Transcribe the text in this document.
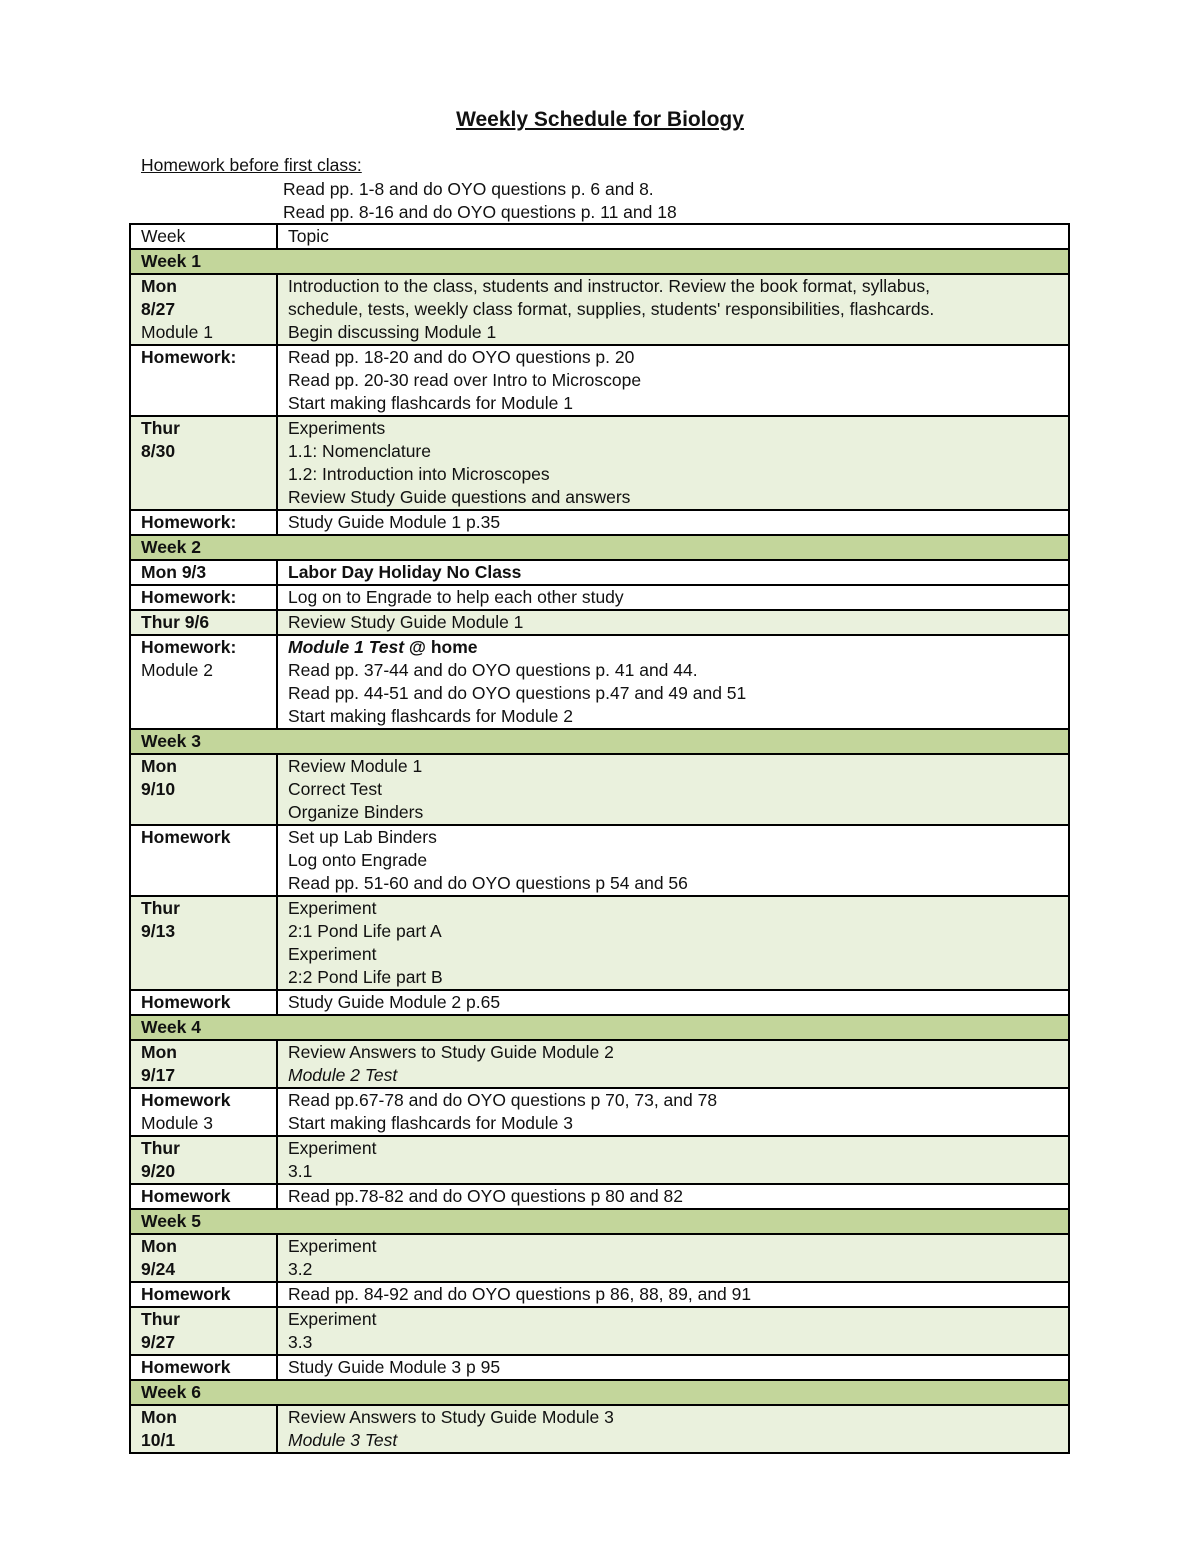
Weekly Schedule for Biology
Homework before first class:
Read pp. 1-8 and do OYO questions p. 6 and 8.
Read pp. 8-16 and do OYO questions p. 11 and 18
Week	Topic
Week 1	

Mon
8/27
Module 1	Introduction to the class, students and instructor. Review the book format, syllabus,
schedule, tests, weekly class format, supplies, students' responsibilities, flashcards.
Begin discussing Module 1

Homework:	Read pp. 18-20 and do OYO questions p. 20
Read pp. 20-30 read over Intro to Microscope
Start making flashcards for Module 1

Thur
8/30	Experiments
1.1: Nomenclature
1.2: Introduction into Microscopes
Review Study Guide questions and answers

Homework:	Study Guide Module 1 p.35

Week 2	

Mon 9/3	Labor Day Holiday No Class

Homework:	Log on to Engrade to help each other study

Thur 9/6	Review Study Guide Module 1

Homework:
Module 2	Module 1 Test @ home
Read pp. 37-44 and do OYO questions p. 41 and 44.
Read pp. 44-51 and do OYO questions p.47 and 49 and 51
Start making flashcards for Module 2

Week 3	

Mon
9/10	Review Module 1
Correct Test
Organize Binders

Homework	Set up Lab Binders
Log onto Engrade
Read pp. 51-60 and do OYO questions p 54 and 56

Thur
9/13	Experiment
2:1 Pond Life part A
Experiment
2:2 Pond Life part B

Homework	Study Guide Module 2 p.65

Week 4	

Mon
9/17	Review Answers to Study Guide Module 2
Module 2 Test

Homework
Module 3	Read pp.67-78 and do OYO questions p 70, 73, and 78
Start making flashcards for Module 3

Thur
9/20	Experiment
3.1

Homework	Read pp.78-82 and do OYO questions p 80 and 82

Week 5	

Mon
9/24	Experiment
3.2

Homework	Read pp. 84-92 and do OYO questions p 86, 88, 89, and 91

Thur
9/27	Experiment
3.3

Homework	Study Guide Module 3 p 95

Week 6	

Mon
10/1	Review Answers to Study Guide Module 3
Module 3 Test
